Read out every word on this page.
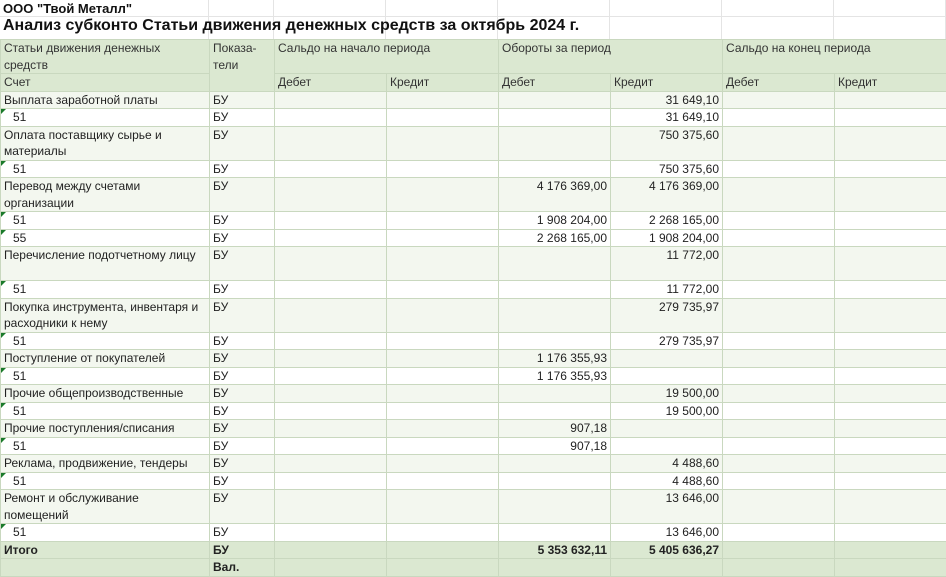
ООО "Твой Металл"
Анализ субконто Статьи движения денежных средств за октябрь 2024 г.
Статьи движения денежных средств	Показа-тели	Сальдо на начало периода		Обороты за период		Сальдо на конец периода	
Счет		Дебет	Кредит	Дебет	Кредит	Дебет	Кредит
Выплата заработной платы	БУ				31 649,10		
51	БУ				31 649,10		
Оплата поставщику сырье и материалы	БУ				750 375,60		
51	БУ				750 375,60		
Перевод между счетами организации	БУ			4 176 369,00	4 176 369,00		
51	БУ			1 908 204,00	2 268 165,00		
55	БУ			2 268 165,00	1 908 204,00		
Перечисление подотчетному лицу	БУ				11 772,00		
51	БУ				11 772,00		
Покупка инструмента, инвентаря и расходники к нему	БУ				279 735,97		
51	БУ				279 735,97		
Поступление от покупателей	БУ			1 176 355,93			
51	БУ			1 176 355,93			
Прочие общепроизводственные	БУ				19 500,00		
51	БУ				19 500,00		
Прочие поступления/списания	БУ			907,18			
51	БУ			907,18			
Реклама, продвижение, тендеры	БУ				4 488,60		
51	БУ				4 488,60		
Ремонт и обслуживание помещений	БУ				13 646,00		
51	БУ				13 646,00		
Итого	БУ			5 353 632,11	5 405 636,27		
	Вал.						
